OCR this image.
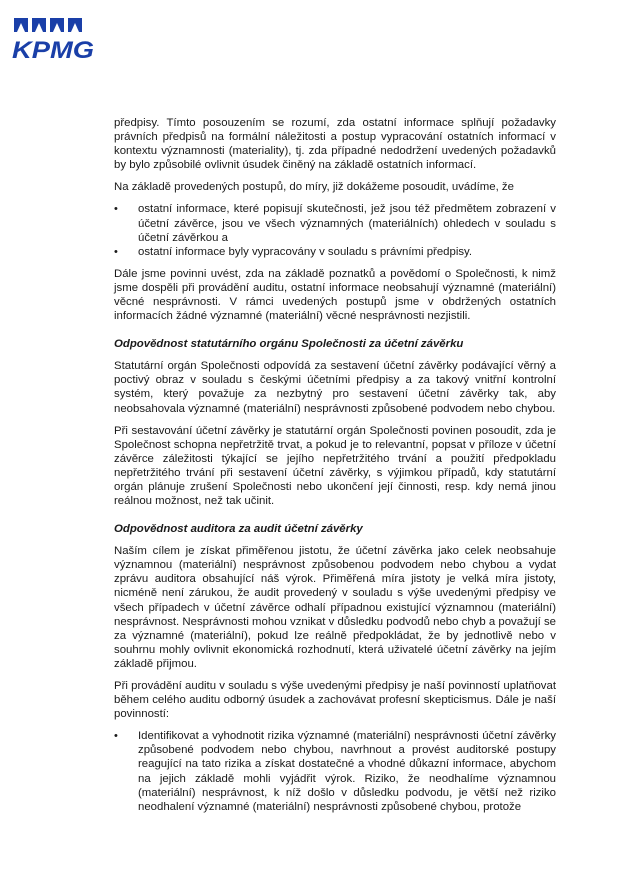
KPMG

předpisy. Tímto posouzením se rozumí, zda ostatní informace splňují požadavky právních předpisů na formální náležitosti a postup vypracování ostatních informací v kontextu významnosti (materiality), tj. zda případné nedodržení uvedených požadavků by bylo způsobilé ovlivnit úsudek činěný na základě ostatních informací.

Na základě provedených postupů, do míry, již dokážeme posoudit, uvádíme, že

• ostatní informace, které popisují skutečnosti, jež jsou též předmětem zobrazení v účetní závěrce, jsou ve všech významných (materiálních) ohledech v souladu s účetní závěrkou a
• ostatní informace byly vypracovány v souladu s právními předpisy.

Dále jsme povinni uvést, zda na základě poznatků a povědomí o Společnosti, k nimž jsme dospěli při provádění auditu, ostatní informace neobsahují významné (materiální) věcné nesprávnosti. V rámci uvedených postupů jsme v obdržených ostatních informacích žádné významné (materiální) věcné nesprávnosti nezjistili.

Odpovědnost statutárního orgánu Společnosti za účetní závěrku

Statutární orgán Společnosti odpovídá za sestavení účetní závěrky podávající věrný a poctivý obraz v souladu s českými účetními předpisy a za takový vnitřní kontrolní systém, který považuje za nezbytný pro sestavení účetní závěrky tak, aby neobsahovala významné (materiální) nesprávnosti způsobené podvodem nebo chybou.

Při sestavování účetní závěrky je statutární orgán Společnosti povinen posoudit, zda je Společnost schopna nepřetržitě trvat, a pokud je to relevantní, popsat v příloze v účetní závěrce záležitosti týkající se jejího nepřetržitého trvání a použití předpokladu nepřetržitého trvání při sestavení účetní závěrky, s výjimkou případů, kdy statutární orgán plánuje zrušení Společnosti nebo ukončení její činnosti, resp. kdy nemá jinou reálnou možnost, než tak učinit.

Odpovědnost auditora za audit účetní závěrky

Naším cílem je získat přiměřenou jistotu, že účetní závěrka jako celek neobsahuje významnou (materiální) nesprávnost způsobenou podvodem nebo chybou a vydat zprávu auditora obsahující náš výrok. Přiměřená míra jistoty je velká míra jistoty, nicméně není zárukou, že audit provedený v souladu s výše uvedenými předpisy ve všech případech v účetní závěrce odhalí případnou existující významnou (materiální) nesprávnost. Nesprávnosti mohou vznikat v důsledku podvodů nebo chyb a považují se za významné (materiální), pokud lze reálně předpokládat, že by jednotlivě nebo v souhrnu mohly ovlivnit ekonomická rozhodnutí, která uživatelé účetní závěrky na jejím základě přijmou.

Při provádění auditu v souladu s výše uvedenými předpisy je naší povinností uplatňovat během celého auditu odborný úsudek a zachovávat profesní skepticismus. Dále je naší povinností:

• Identifikovat a vyhodnotit rizika významné (materiální) nesprávnosti účetní závěrky způsobené podvodem nebo chybou, navrhnout a provést auditorské postupy reagující na tato rizika a získat dostatečné a vhodné důkazní informace, abychom na jejich základě mohli vyjádřit výrok. Riziko, že neodhalíme významnou (materiální) nesprávnost, k níž došlo v důsledku podvodu, je větší než riziko neodhalení významné (materiální) nesprávnosti způsobené chybou, protože
